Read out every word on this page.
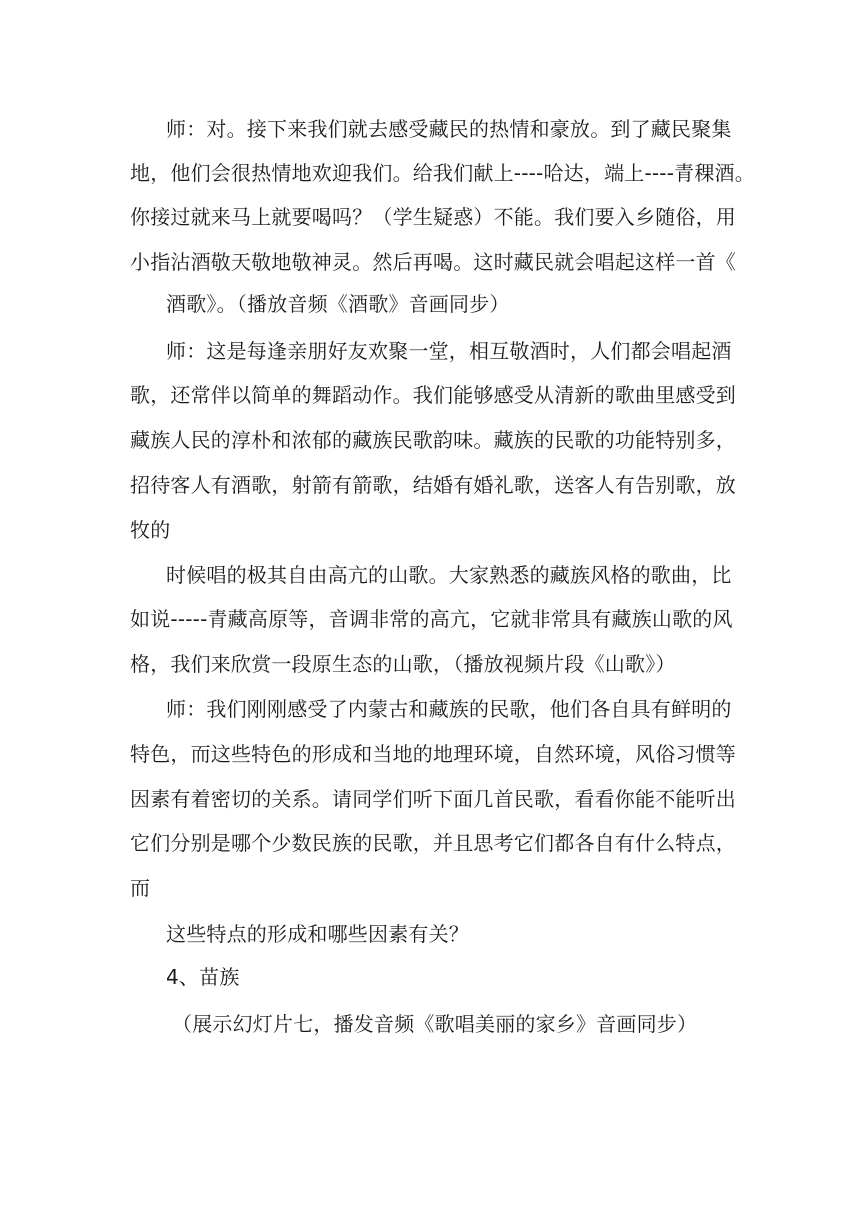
师：对。接下来我们就去感受藏民的热情和豪放。到了藏民聚集
地，他们会很热情地欢迎我们。给我们献上----哈达，端上----青稞酒。
你接过就来马上就要喝吗？（学生疑惑）不能。我们要入乡随俗，用
小指沾酒敬天敬地敬神灵。然后再喝。这时藏民就会唱起这样一首《
酒歌》。（播放音频《酒歌》音画同步）
师：这是每逢亲朋好友欢聚一堂，相互敬酒时，人们都会唱起酒
歌，还常伴以简单的舞蹈动作。我们能够感受从清新的歌曲里感受到
藏族人民的淳朴和浓郁的藏族民歌韵味。藏族的民歌的功能特别多，
招待客人有酒歌，射箭有箭歌，结婚有婚礼歌，送客人有告别歌，放
牧的
时候唱的极其自由高亢的山歌。大家熟悉的藏族风格的歌曲，比
如说-----青藏高原等，音调非常的高亢，它就非常具有藏族山歌的风
格，我们来欣赏一段原生态的山歌，（播放视频片段《山歌》）
师：我们刚刚感受了内蒙古和藏族的民歌，他们各自具有鲜明的
特色，而这些特色的形成和当地的地理环境，自然环境，风俗习惯等
因素有着密切的关系。请同学们听下面几首民歌，看看你能不能听出
它们分别是哪个少数民族的民歌，并且思考它们都各自有什么特点，
而
这些特点的形成和哪些因素有关？
4、苗族
（展示幻灯片七，播发音频《歌唱美丽的家乡》音画同步）
